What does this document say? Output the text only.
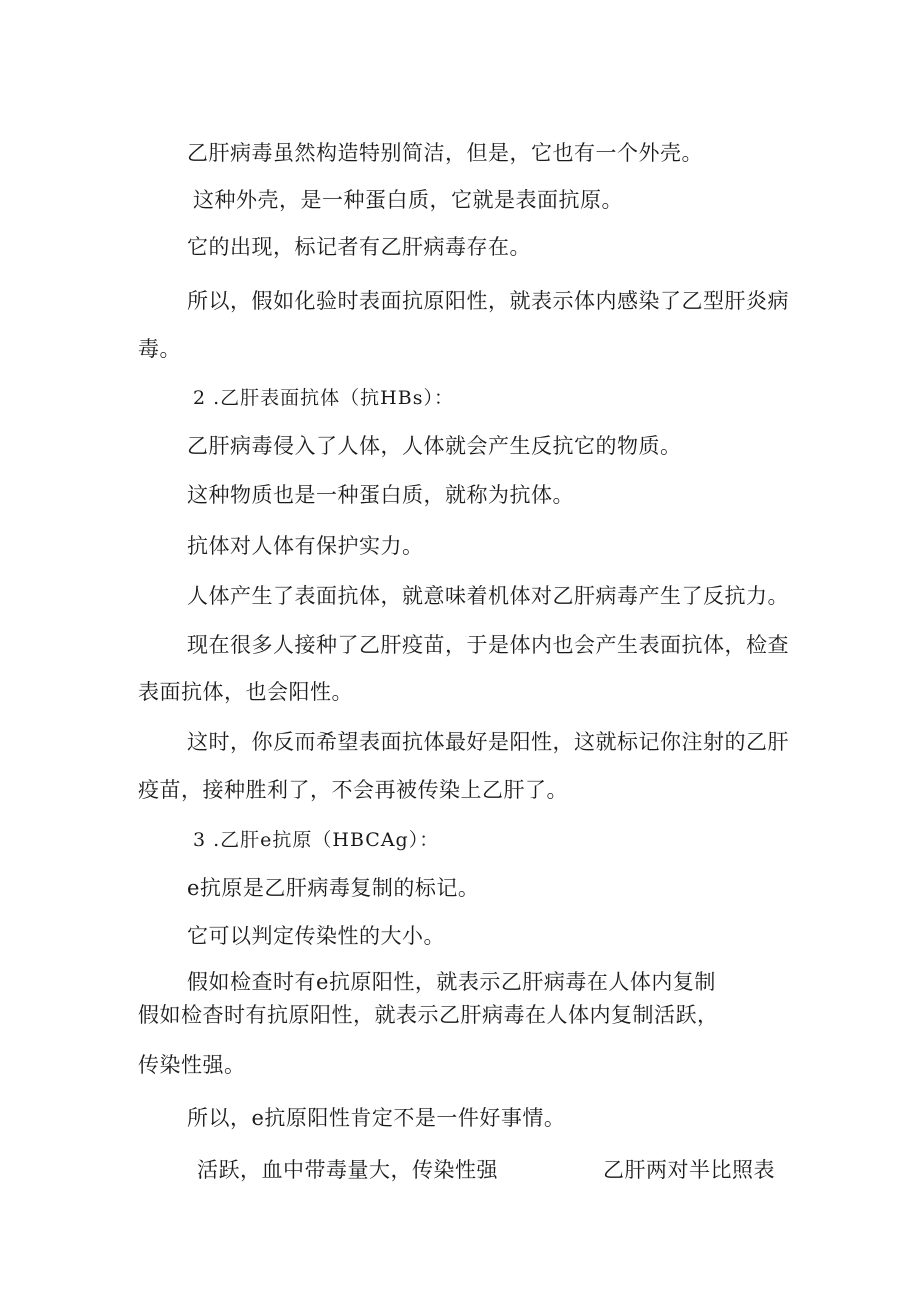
乙肝病毒虽然构造特别简洁，但是，它也有一个外壳。
这种外壳，是一种蛋白质，它就是表面抗原。
它的出现，标记者有乙肝病毒存在。
所以，假如化验时表面抗原阳性，就表示体内感染了乙型肝炎病
毒。
2 .乙肝表面抗体（抗HBs）：
乙肝病毒侵入了人体，人体就会产生反抗它的物质。
这种物质也是一种蛋白质，就称为抗体。
抗体对人体有保护实力。
人体产生了表面抗体，就意味着机体对乙肝病毒产生了反抗力。
现在很多人接种了乙肝疫苗，于是体内也会产生表面抗体，检查
表面抗体，也会阳性。
这时，你反而希望表面抗体最好是阳性，这就标记你注射的乙肝
疫苗，接种胜利了，不会再被传染上乙肝了。
3 .乙肝e抗原（HBCAg）：
e抗原是乙肝病毒复制的标记。
它可以判定传染性的大小。
假如检查时有e抗原阳性，就表示乙肝病毒在人体内复制
假如检杳时有抗原阳性，就表示乙肝病毒在人体内复制活跃，
传染性强。
所以，e抗原阳性肯定不是一件好事情。
活跃，血中带毒量大，传染性强	乙肝两对半比照表
